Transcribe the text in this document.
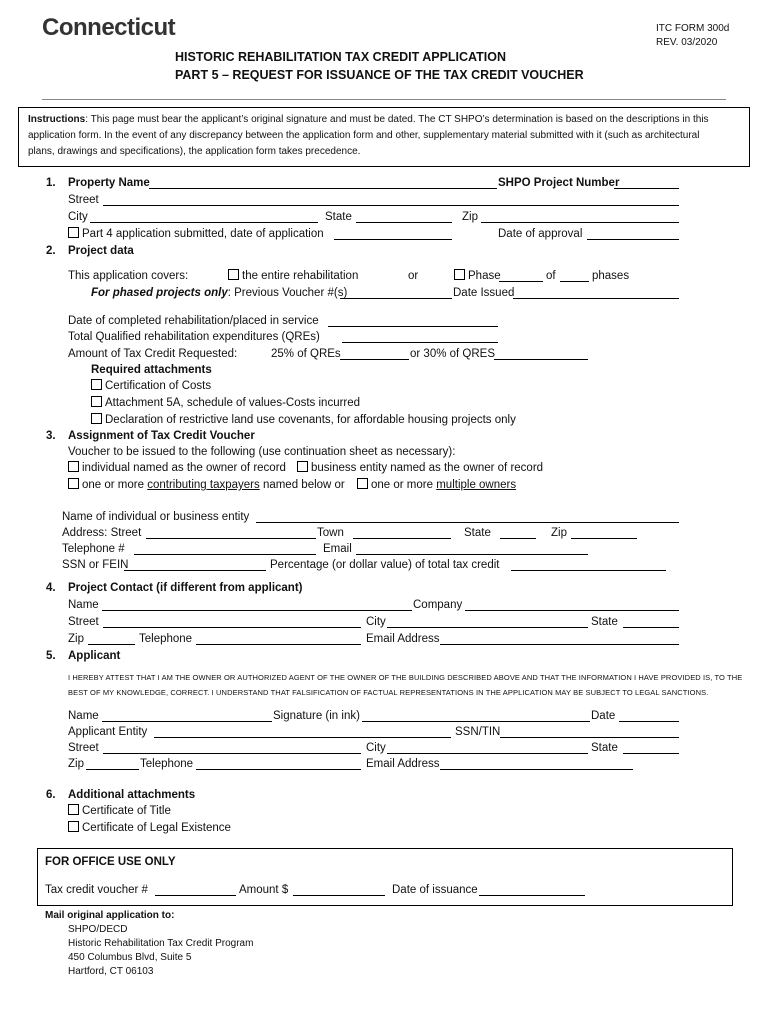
Connecticut	ITC FORM 300d
REV. 03/2020
HISTORIC REHABILITATION TAX CREDIT APPLICATION
PART 5 – REQUEST FOR ISSUANCE OF THE TAX CREDIT VOUCHER
Instructions: This page must bear the applicant’s original signature and must be dated. The CT SHPO’s determination is based on the descriptions in this
application form. In the event of any discrepancy between the application form and other, supplementary material submitted with it (such as architectural
plans, drawings and specifications), the application form takes precedence.
1. Property Name	SHPO Project Number
Street
City	State	Zip
Part 4 application submitted, date of application	Date of approval
2. Project data
This application covers:	the entire rehabilitation	or	Phase	of	phases
For phased projects only: Previous Voucher #(s)	Date Issued
Date of completed rehabilitation/placed in service
Total Qualified rehabilitation expenditures (QREs)
Amount of Tax Credit Requested:	25% of QREs	or 30% of QRES
Required attachments
Certification of Costs
Attachment 5A, schedule of values-Costs incurred
Declaration of restrictive land use covenants, for affordable housing projects only
3. Assignment of Tax Credit Voucher
Voucher to be issued to the following (use continuation sheet as necessary):
individual named as the owner of record	business entity named as the owner of record
one or more contributing taxpayers named below or	one or more multiple owners
Name of individual or business entity
Address: Street	Town	State	Zip
Telephone #	Email
SSN or FEIN	Percentage (or dollar value) of total tax credit
4. Project Contact (if different from applicant)
Name	Company
Street	City	State
Zip	Telephone	Email Address
5. Applicant
I HEREBY ATTEST THAT I AM THE OWNER OR AUTHORIZED AGENT OF THE OWNER OF THE BUILDING DESCRIBED ABOVE AND THAT THE INFORMATION I HAVE PROVIDED IS, TO THE
BEST OF MY KNOWLEDGE, CORRECT. I UNDERSTAND THAT FALSIFICATION OF FACTUAL REPRESENTATIONS IN THE APPLICATION MAY BE SUBJECT TO LEGAL SANCTIONS.
Name	Signature (in ink)	Date
Applicant Entity	SSN/TIN
Street	City	State
Zip	Telephone	Email Address
6. Additional attachments
Certificate of Title
Certificate of Legal Existence
FOR OFFICE USE ONLY
Tax credit voucher #	Amount $	Date of issuance
Mail original application to:
SHPO/DECD
Historic Rehabilitation Tax Credit Program
450 Columbus Blvd, Suite 5
Hartford, CT 06103
